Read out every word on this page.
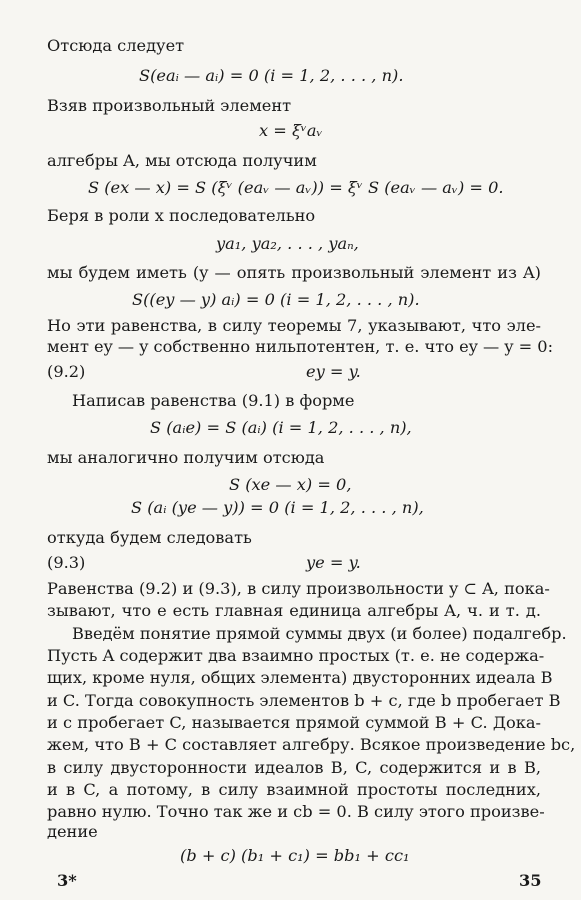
Отсюда следует
S(eaᵢ — aᵢ) = 0 (i = 1, 2, . . . , n).
Взяв произвольный элемент
x = ξᵛaᵥ
алгебры A, мы отсюда получим
S (ex — x) = S (ξᵛ (eaᵥ — aᵥ)) = ξᵛ S (eaᵥ — aᵥ) = 0.
Беря в роли x последовательно
ya₁, ya₂, . . . , yaₙ,
мы будем иметь (y — опять произвольный элемент из A)
S((ey — y) aᵢ) = 0 (i = 1, 2, . . . , n).
Но эти равенства, в силу теоремы 7, указывают, что эле-
мент ey — y собственно нильпотентен, т. е. что ey — y = 0:
(9.2)	ey = y.
Написав равенства (9.1) в форме
S (aᵢe) = S (aᵢ) (i = 1, 2, . . . , n),
мы аналогично получим отсюда
S (xe — x) = 0,
S (aᵢ (ye — y)) = 0 (i = 1, 2, . . . , n),
откуда будем следовать
(9.3)	ye = y.
Равенства (9.2) и (9.3), в силу произвольности y ⊂ A, пока-
зывают, что e есть главная единица алгебры A, ч. и т. д.
Введём понятие прямой суммы двух (и более) подалгебр.
Пусть A содержит два взаимно простых (т. е. не содержа-
щих, кроме нуля, общих элемента) двусторонних идеала B
и C. Тогда совокупность элементов b + c, где b пробегает B
и c пробегает C, называется прямой суммой B + C. Дока-
жем, что B + C составляет алгебру. Всякое произведение bc,
в силу двусторонности идеалов B, C, содержится и в B,
и в C, а потому, в силу взаимной простоты последних,
равно нулю. Точно так же и cb = 0. В силу этого произве-
дение
(b + c) (b₁ + c₁) = bb₁ + cc₁
3*	35
